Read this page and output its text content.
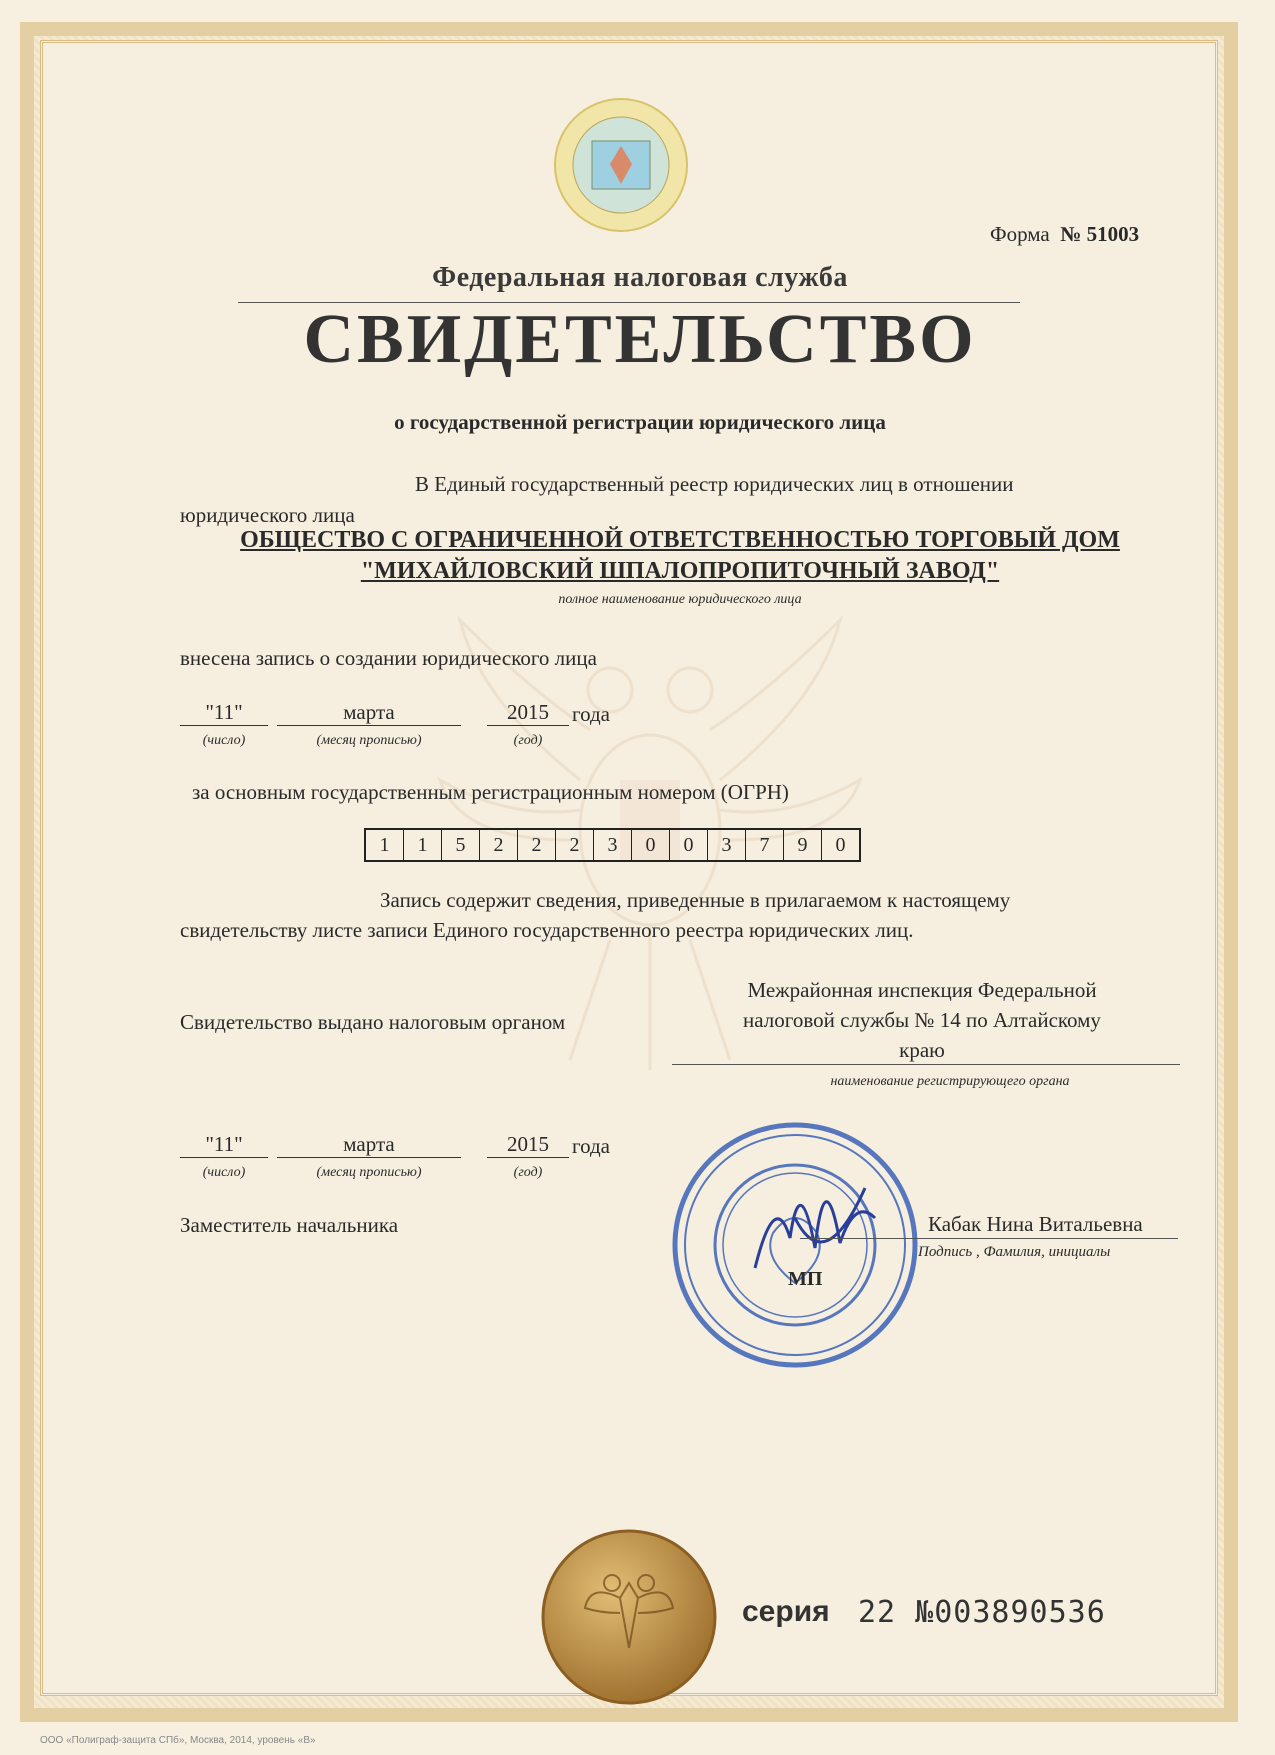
Форма № 51003
Федеральная налоговая служба
СВИДЕТЕЛЬСТВО
о государственной регистрации юридического лица
В Единый государственный реестр юридических лиц в отношении
юридического лица
ОБЩЕСТВО С ОГРАНИЧЕННОЙ ОТВЕТСТВЕННОСТЬЮ ТОРГОВЫЙ ДОМ
"МИХАЙЛОВСКИЙ ШПАЛОПРОПИТОЧНЫЙ ЗАВОД"
полное наименование юридического лица
внесена запись о создании юридического лица
"11"	марта	2015	года
(число)	(месяц прописью)	(год)
за основным государственным регистрационным номером (ОГРН)
1	1	5	2	2	2	3	0	0	3	7	9	0
Запись содержит сведения, приведенные в прилагаемом к настоящему
свидетельству листе записи Единого государственного реестра юридических лиц.
Свидетельство выдано налоговым органом
Межрайонная инспекция Федеральной
налоговой службы № 14 по Алтайскому
краю
наименование регистрирующего органа
"11"	марта	2015	года
(число)	(месяц прописью)	(год)
Заместитель начальника	Кабак Нина Витальевна
Подпись , Фамилия, инициалы
МП
серия 22 №003890536
ООО «Полиграф-защита СПб», Москва, 2014, уровень «В»
